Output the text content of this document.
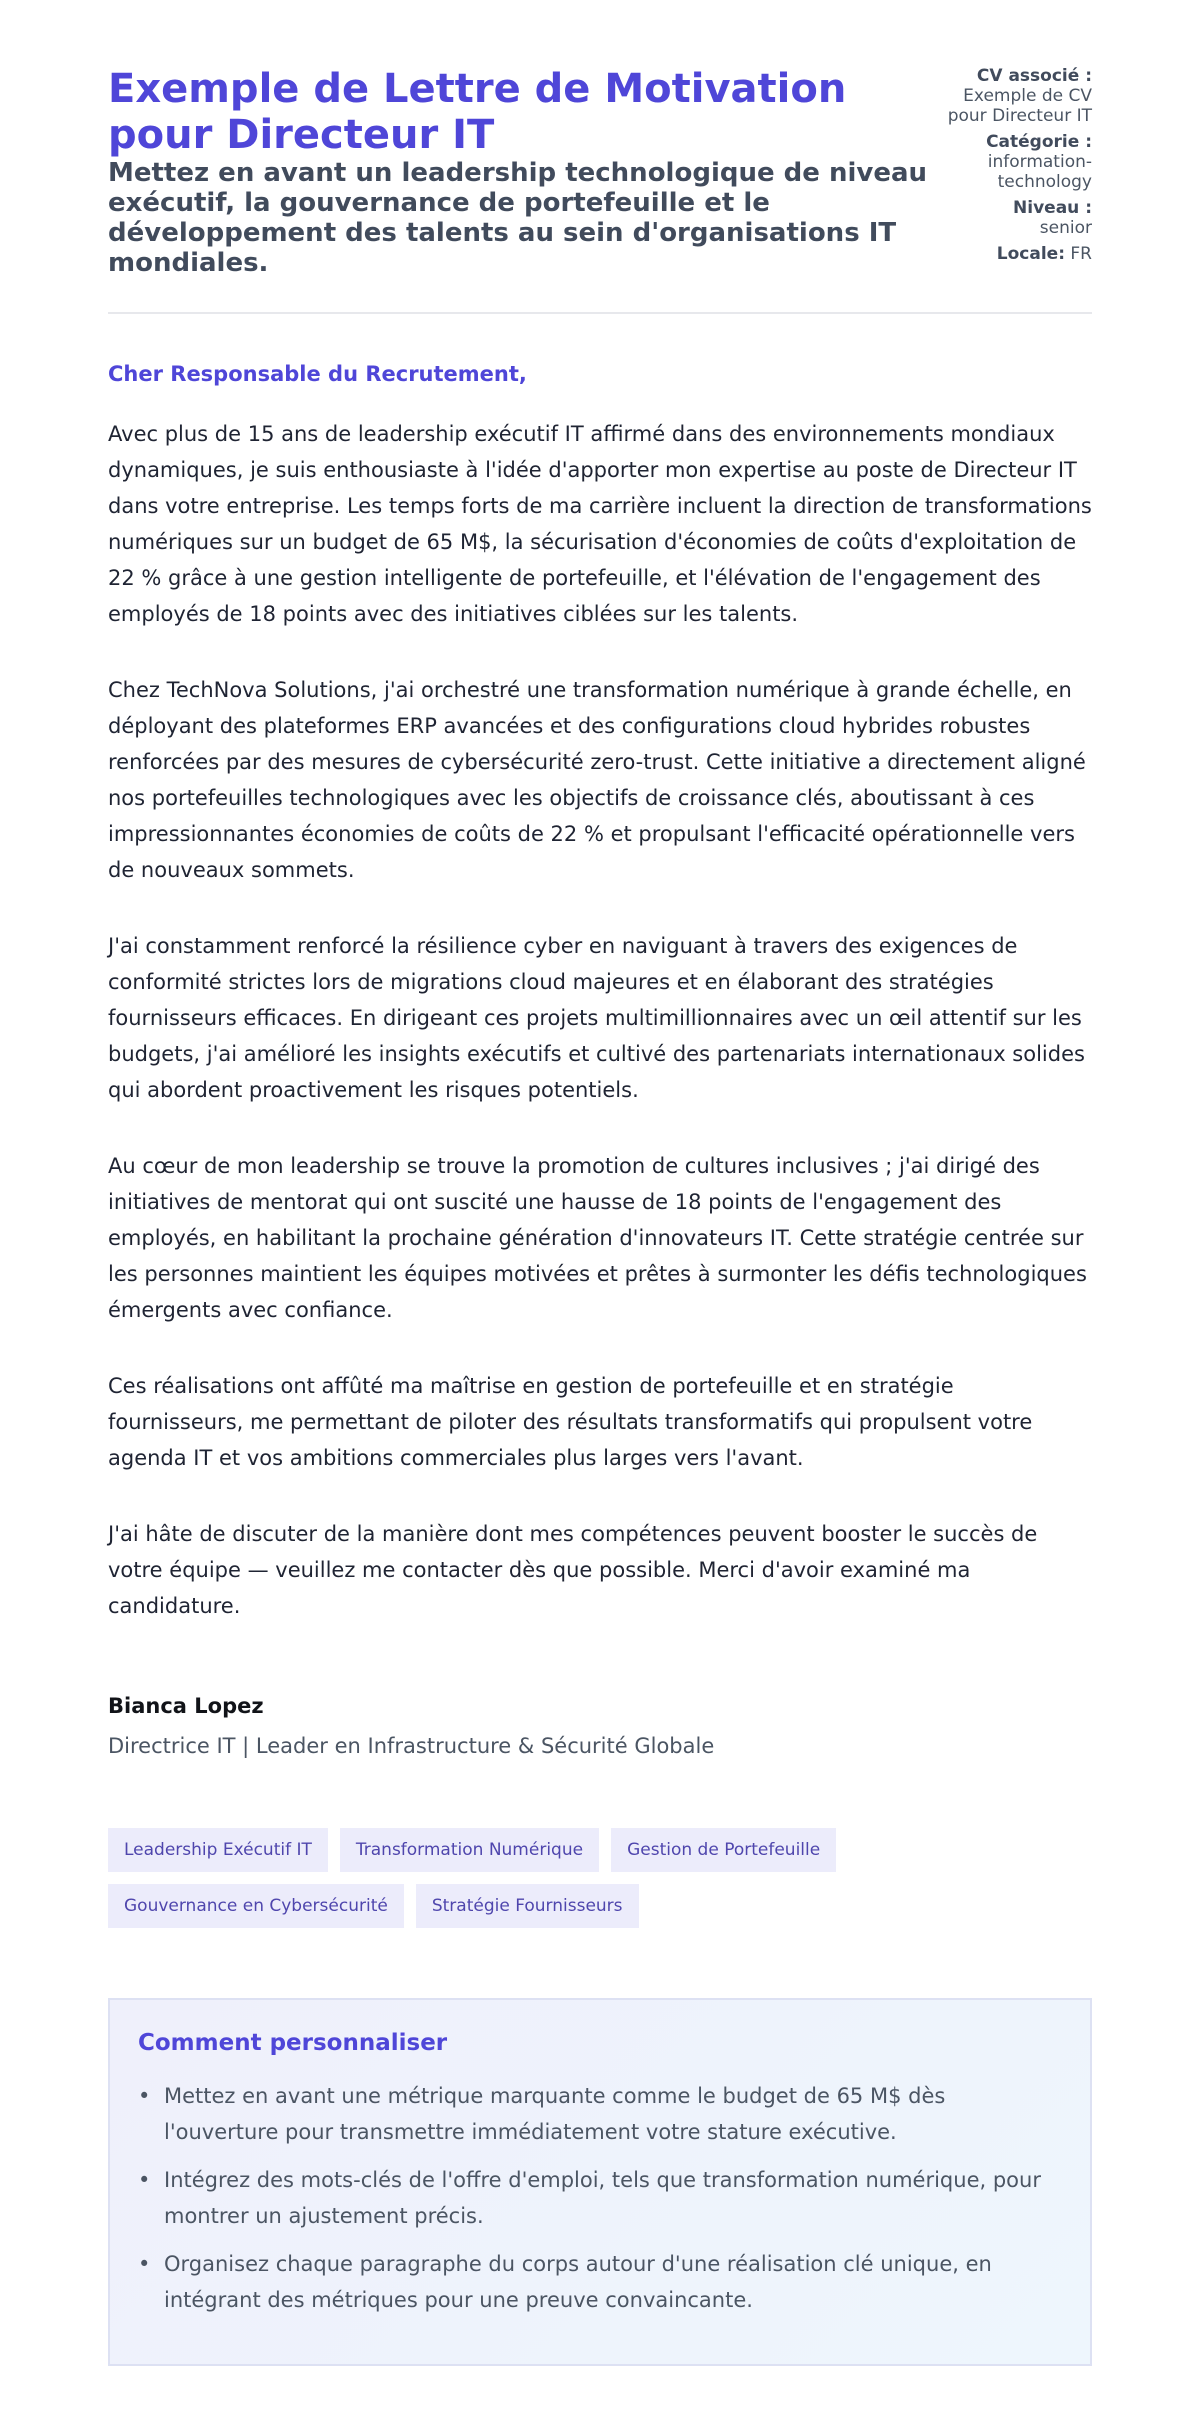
Exemple de Lettre de Motivation pour Directeur IT
Mettez en avant un leadership technologique de niveau exécutif, la gouvernance de portefeuille et le développement des talents au sein d'organisations IT mondiales.
CV associé :
Exemple de CV pour Directeur IT
Catégorie :
information-technology
Niveau :
senior
Locale: FR

Cher Responsable du Recrutement,

Avec plus de 15 ans de leadership exécutif IT affirmé dans des environnements mondiaux dynamiques, je suis enthousiaste à l'idée d'apporter mon expertise au poste de Directeur IT dans votre entreprise. Les temps forts de ma carrière incluent la direction de transformations numériques sur un budget de 65 M$, la sécurisation d'économies de coûts d'exploitation de 22 % grâce à une gestion intelligente de portefeuille, et l'élévation de l'engagement des employés de 18 points avec des initiatives ciblées sur les talents.

Chez TechNova Solutions, j'ai orchestré une transformation numérique à grande échelle, en déployant des plateformes ERP avancées et des configurations cloud hybrides robustes renforcées par des mesures de cybersécurité zero-trust. Cette initiative a directement aligné nos portefeuilles technologiques avec les objectifs de croissance clés, aboutissant à ces impressionnantes économies de coûts de 22 % et propulsant l'efficacité opérationnelle vers de nouveaux sommets.

J'ai constamment renforcé la résilience cyber en naviguant à travers des exigences de conformité strictes lors de migrations cloud majeures et en élaborant des stratégies fournisseurs efficaces. En dirigeant ces projets multimillionnaires avec un œil attentif sur les budgets, j'ai amélioré les insights exécutifs et cultivé des partenariats internationaux solides qui abordent proactivement les risques potentiels.

Au cœur de mon leadership se trouve la promotion de cultures inclusives ; j'ai dirigé des initiatives de mentorat qui ont suscité une hausse de 18 points de l'engagement des employés, en habilitant la prochaine génération d'innovateurs IT. Cette stratégie centrée sur les personnes maintient les équipes motivées et prêtes à surmonter les défis technologiques émergents avec confiance.

Ces réalisations ont affûté ma maîtrise en gestion de portefeuille et en stratégie fournisseurs, me permettant de piloter des résultats transformatifs qui propulsent votre agenda IT et vos ambitions commerciales plus larges vers l'avant.

J'ai hâte de discuter de la manière dont mes compétences peuvent booster le succès de votre équipe — veuillez me contacter dès que possible. Merci d'avoir examiné ma candidature.

Bianca Lopez
Directrice IT | Leader en Infrastructure & Sécurité Globale
Leadership Exécutif IT	Transformation Numérique	Gestion de Portefeuille
Gouvernance en Cybersécurité	Stratégie Fournisseurs
Comment personnaliser
• Mettez en avant une métrique marquante comme le budget de 65 M$ dès l'ouverture pour transmettre immédiatement votre stature exécutive.
• Intégrez des mots-clés de l'offre d'emploi, tels que transformation numérique, pour montrer un ajustement précis.
• Organisez chaque paragraphe du corps autour d'une réalisation clé unique, en intégrant des métriques pour une preuve convaincante.
